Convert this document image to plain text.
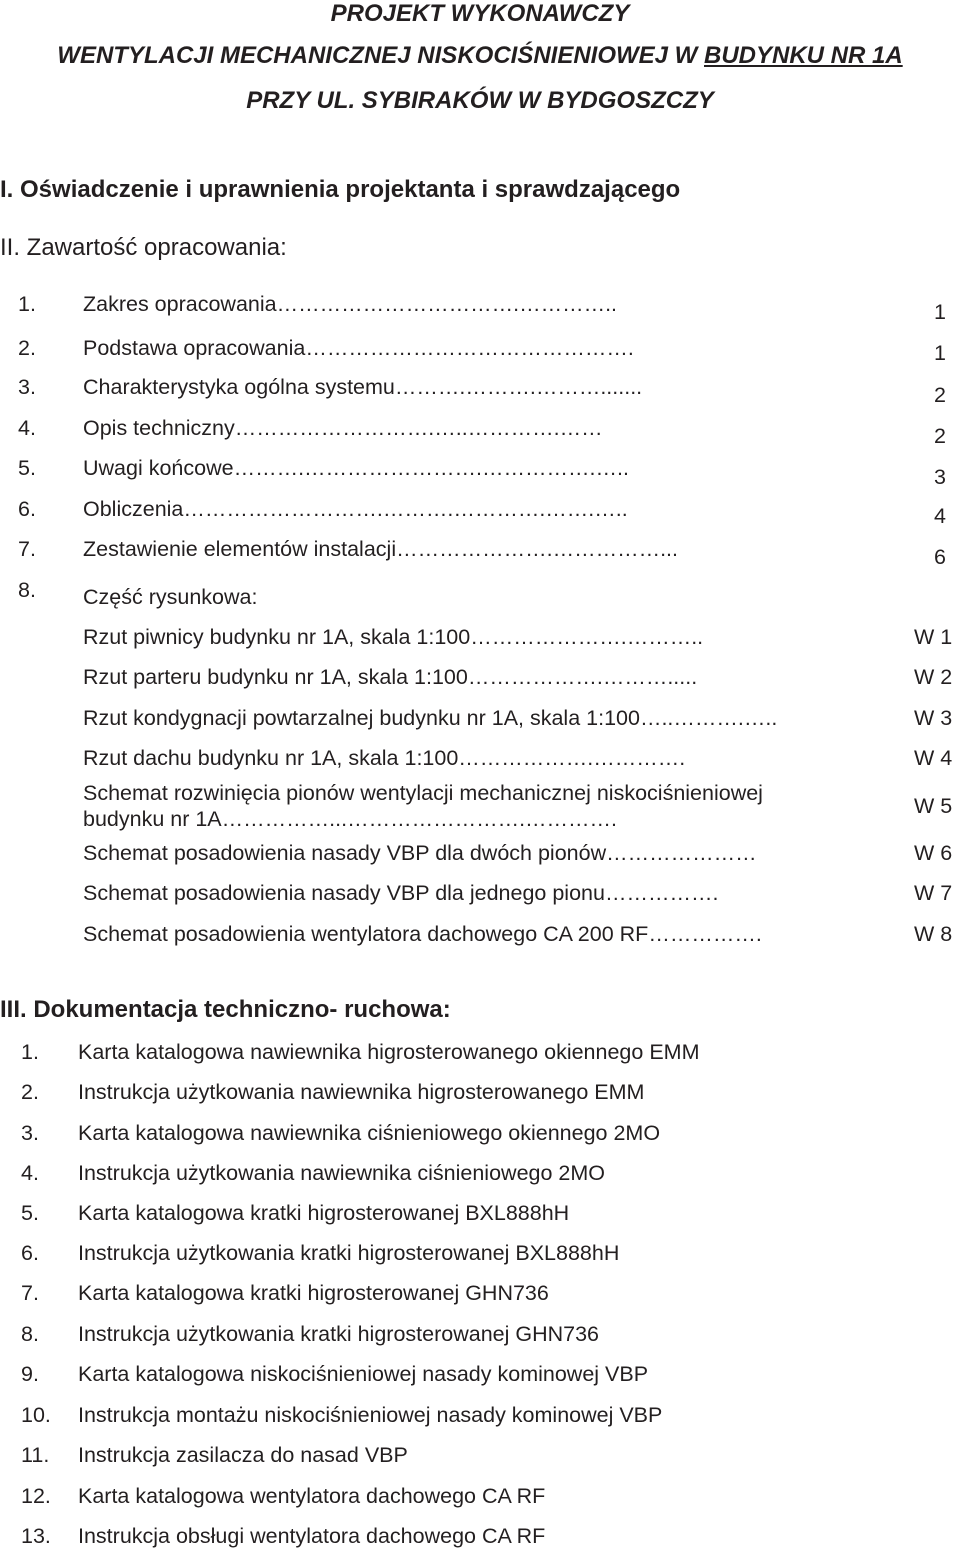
PROJEKT WYKONAWCZY
WENTYLACJI MECHANICZNEJ NISKOCIŚNIENIOWEJ W BUDYNKU NR 1A
PRZY UL. SYBIRAKÓW W BYDGOSZCZY

I. Oświadczenie i uprawnienia projektanta i sprawdzającego

II. Zawartość opracowania:

1. Zakres opracowania…………………………….…………..	1
2. Podstawa opracowania……………………………………….	1
3. Charakterystyka ogólna systemu……….……….……….......	2
4. Opis techniczny……………………….…..………….……	2
5. Uwagi końcowe……….…………………….…………….…..	3
6. Obliczenia……………………….……….………….…….…..	4
7. Zestawienie elementów instalacji………………….……………...	6
8. Część rysunkowa:
Rzut piwnicy budynku nr 1A, skala 1:100………………….………..	W 1
Rzut parteru budynku nr 1A, skala 1:100……………….……….....	W 2
Rzut kondygnacji powtarzalnej budynku nr 1A, skala 1:100…..……….…..	W 3
Rzut dachu budynku nr 1A, skala 1:100……………….………….	W 4
Schemat rozwinięcia pionów wentylacji mechanicznej niskociśnieniowej
budynku nr 1A……………...…………………….………….
W 5
Schemat posadowienia nasady VBP dla dwóch pionów…………………	W 6
Schemat posadowienia nasady VBP dla jednego pionu…………….	W 7
Schemat posadowienia wentylatora dachowego CA 200 RF…………….	W 8

III. Dokumentacja techniczno- ruchowa:

1. Karta katalogowa nawiewnika higrosterowanego okiennego EMM
2. Instrukcja użytkowania nawiewnika higrosterowanego EMM
3. Karta katalogowa nawiewnika ciśnieniowego okiennego 2MO
4. Instrukcja użytkowania nawiewnika ciśnieniowego 2MO
5. Karta katalogowa kratki higrosterowanej BXL888hH
6. Instrukcja użytkowania kratki higrosterowanej BXL888hH
7. Karta katalogowa kratki higrosterowanej GHN736
8. Instrukcja użytkowania kratki higrosterowanej GHN736
9. Karta katalogowa niskociśnieniowej nasady kominowej VBP
10. Instrukcja montażu niskociśnieniowej nasady kominowej VBP
11. Instrukcja zasilacza do nasad VBP
12. Karta katalogowa wentylatora dachowego CA RF
13. Instrukcja obsługi wentylatora dachowego CA RF
